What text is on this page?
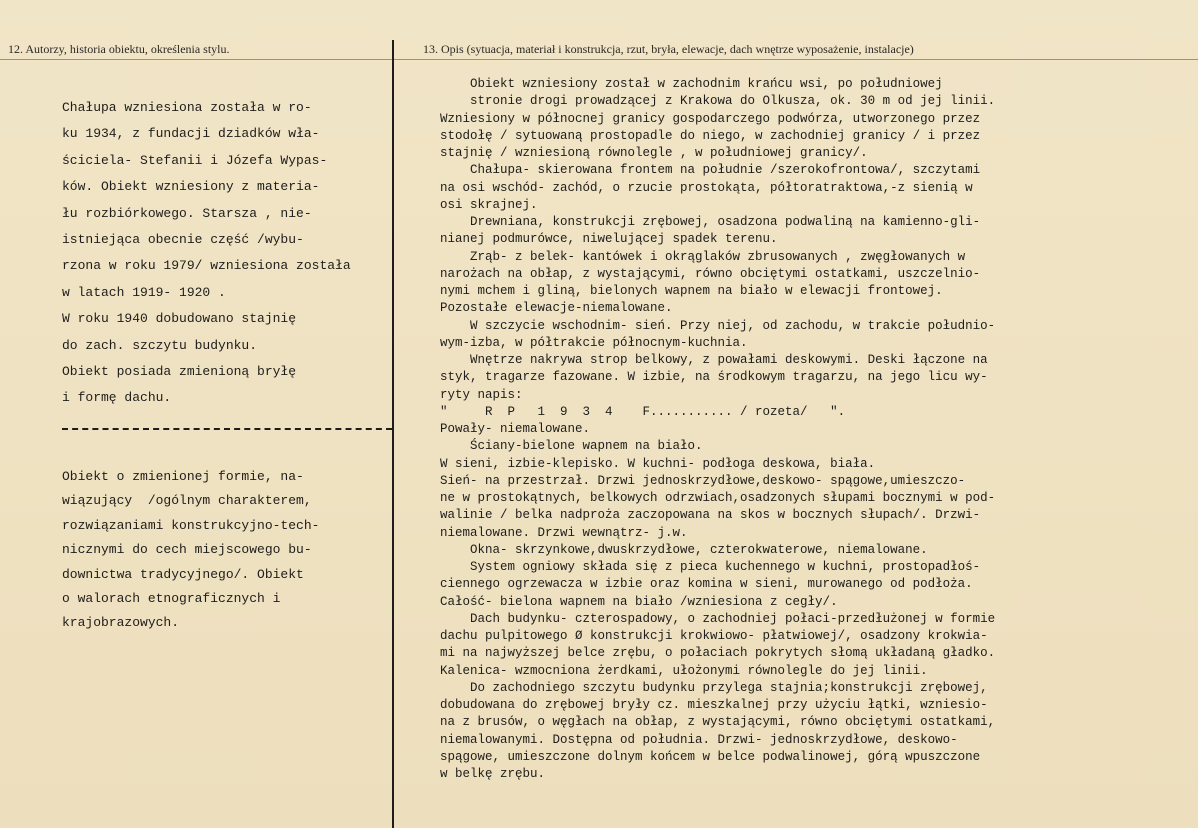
12. Autorzy, historia obiektu, określenia stylu.	13. Opis (sytuacja, materiał i konstrukcja, rzut, bryła, elewacje, dach wnętrze wyposażenie, instalacje)
Chałupa wzniesiona została w ro-
ku 1934, z fundacji dziadków wła-
ściciela- Stefanii i Józefa Wypas-
ków. Obiekt wzniesiony z materia-
łu rozbiórkowego. Starsza , nie-
istniejąca obecnie część /wybu-
rzona w roku 1979/ wzniesiona została
w latach 1919- 1920 .
W roku 1940 dobudowano stajnię
do zach. szczytu budynku.
Obiekt posiada zmienioną bryłę
i formę dachu.
Obiekt o zmienionej formie, na-
wiązujący  /ogólnym charakterem,
rozwiązaniami konstrukcyjno-tech-
nicznymi do cech miejscowego bu-
downictwa tradycyjnego/. Obiekt
o walorach etnograficznych i
krajobrazowych.
Obiekt wzniesiony został w zachodnim krańcu wsi, po południowej
stronie drogi prowadzącej z Krakowa do Olkusza, ok. 30 m od jej linii.
Wzniesiony w północnej granicy gospodarczego podwórza, utworzonego przez
stodołę / sytuowaną prostopadle do niego, w zachodniej granicy / i przez
stajnię / wzniesioną równolegle , w południowej granicy/.
Chałupa- skierowana frontem na południe /szerokofrontowa/, szczytami
na osi wschód- zachód, o rzucie prostokąta, półtoratraktowa,-z sienią w
osi skrajnej.
Drewniana, konstrukcji zrębowej, osadzona podwaliną na kamienno-gli-
nianej podmurówce, niwelującej spadek terenu.
Zrąb- z belek- kantówek i okrąglaków zbrusowanych , zwęgłowanych w
narożach na obłap, z wystającymi, równo obciętymi ostatkami, uszczelnio-
nymi mchem i gliną, bielonych wapnem na biało w elewacji frontowej.
Pozostałe elewacje-niemalowane.
W szczycie wschodnim- sień. Przy niej, od zachodu, w trakcie południo-
wym-izba, w półtrakcie północnym-kuchnia.
Wnętrze nakrywa strop belkowy, z powałami deskowymi. Deski łączone na
styk, tragarze fazowane. W izbie, na środkowym tragarzu, na jego licu wy-
ryty napis:
"     R  P   1  9  3  4    F........... / rozeta/   ".
Powały- niemalowane.
Ściany-bielone wapnem na biało.
W sieni, izbie-klepisko. W kuchni- podłoga deskowa, biała.
Sień- na przestrzał. Drzwi jednoskrzydłowe,deskowo- spągowe,umieszczo-
ne w prostokątnych, belkowych odrzwiach,osadzonych słupami bocznymi w pod-
walinie / belka nadproża zaczopowana na skos w bocznych słupach/. Drzwi-
niemalowane. Drzwi wewnątrz- j.w.
Okna- skrzynkowe,dwuskrzydłowe, czterokwaterowe, niemalowane.
System ogniowy składa się z pieca kuchennego w kuchni, prostopadłoś-
ciennego ogrzewacza w izbie oraz komina w sieni, murowanego od podłoża.
Całość- bielona wapnem na biało /wzniesiona z cegły/.
Dach budynku- czterospadowy, o zachodniej połaci-przedłużonej w formie
dachu pulpitowego Ø konstrukcji krokwiowo- płatwiowej/, osadzony krokwia-
mi na najwyższej belce zrębu, o połaciach pokrytych słomą układaną gładko.
Kalenica- wzmocniona żerdkami, ułożonymi równolegle do jej linii.
Do zachodniego szczytu budynku przylega stajnia;konstrukcji zrębowej,
dobudowana do zrębowej bryły cz. mieszkalnej przy użyciu łątki, wzniesio-
na z brusów, o węgłach na obłap, z wystającymi, równo obciętymi ostatkami,
niemalowanymi. Dostępna od południa. Drzwi- jednoskrzydłowe, deskowo-
spągowe, umieszczone dolnym końcem w belce podwalinowej, górą wpuszczone
w belkę zrębu.
